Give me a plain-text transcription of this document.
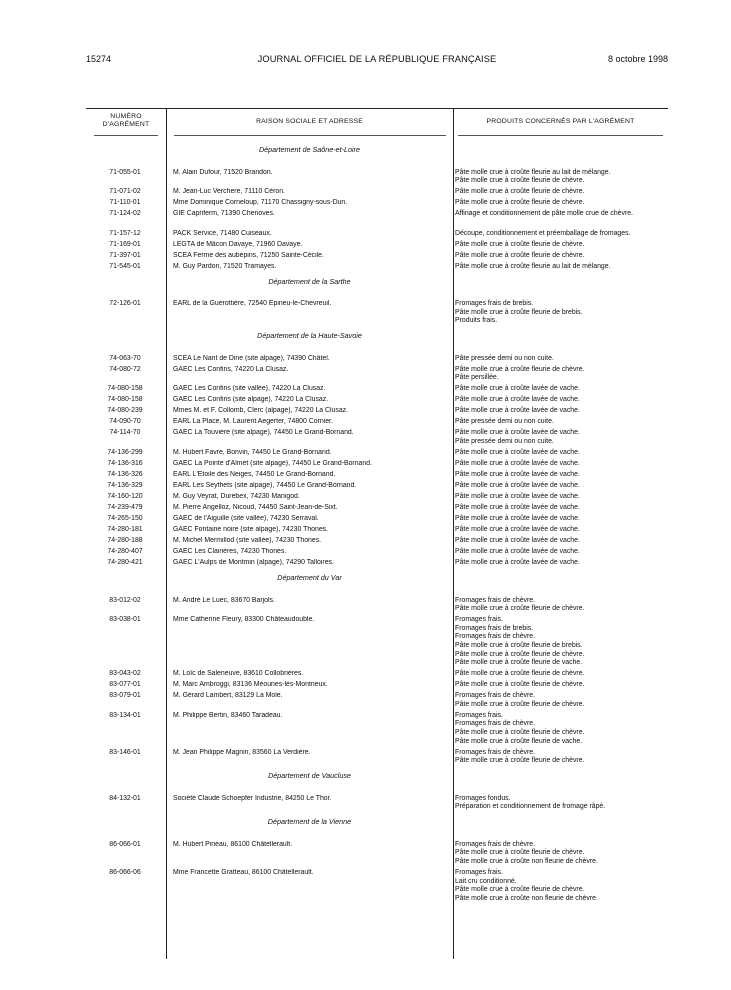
15274	JOURNAL OFFICIEL DE LA RÉPUBLIQUE FRANÇAISE	8 octobre 1998
NUMÉRO D'AGRÉMENT	RAISON SOCIALE ET ADRESSE	PRODUITS CONCERNÉS PAR L'AGRÉMENT
Département de Saône-et-Loire
71-055-01	M. Alain Dufour, 71520 Brandon.	Pâte molle crue à croûte fleurie au lait de mélange.
Pâte molle crue à croûte fleurie de chèvre.
71-071-02	M. Jean-Luc Verchere, 71110 Céron.	Pâte molle crue à croûte fleurie de chèvre.
71-110-01	Mme Dominique Corneloup, 71170 Chassigny-sous-Dun.	Pâte molle crue à croûte fleurie de chèvre.
71-124-02	GIE Capriferm, 71390 Chenoves.	Affinage et conditionnement de pâte molle crue de chèvre.
71-157-12	PACK Service, 71480 Cuiseaux.	Découpe, conditionnement et préemballage de fromages.
71-169-01	LEGTA de Mâcon Davaye, 71960 Davaye.	Pâte molle crue à croûte fleurie de chèvre.
71-397-01	SCEA Ferme des aubépins, 71250 Sainte-Cécile.	Pâte molle crue à croûte fleurie de chèvre.
71-545-01	M. Guy Pardon, 71520 Tramayes.	Pâte molle crue à croûte fleurie au lait de mélange.
Département de la Sarthe
72-126-01	EARL de la Guerottière, 72540 Epineu-le-Chevreuil.	Fromages frais de brebis.
Pâte molle crue à croûte fleurie de brebis.
Produits frais.
Département de la Haute-Savoie
74-063-70	SCEA Le Nant de Dine (site alpage), 74390 Châtel.	Pâte pressée demi ou non cuite.
74-080-72	GAEC Les Confins, 74220 La Clusaz.	Pâte molle crue à croûte fleurie de chèvre.
Pâte persillée.
74-080-158	GAEC Les Confins (site vallée), 74220 La Clusaz.	Pâte molle crue à croûte lavée de vache.
74-080-158	GAEC Les Confins (site alpage), 74220 La Clusaz.	Pâte molle crue à croûte lavée de vache.
74-080-239	Mmes M. et F. Collomb, Clerc (alpage), 74220 La Clusaz.	Pâte molle crue à croûte lavée de vache.
74-090-70	EARL La Place, M. Laurent Aegerter, 74800 Cornier.	Pâte pressée demi ou non cuite.
74-114-70	GAEC La Touvière (site alpage), 74450 Le Grand-Bornand.	Pâte molle crue à croûte lavée de vache.
Pâte pressée demi ou non cuite.
74-136-299	M. Hubert Favre, Bonvin, 74450 Le Grand-Bornand.	Pâte molle crue à croûte lavée de vache.
74-136-316	GAEC La Pointe d'Almet (site alpage), 74450 Le Grand-Bornand.	Pâte molle crue à croûte lavée de vache.
74-136-326	EARL L'Etoile des Neiges, 74450 Le Grand-Bornand.	Pâte molle crue à croûte lavée de vache.
74-136-329	EARL Les Seythets (site alpage), 74450 Le Grand-Bornand.	Pâte molle crue à croûte lavée de vache.
74-160-120	M. Guy Veyrat, Durebex, 74230 Manigod.	Pâte molle crue à croûte lavée de vache.
74-239-479	M. Pierre Angelloz, Nicoud, 74450 Saint-Jean-de-Sixt.	Pâte molle crue à croûte lavée de vache.
74-265-150	GAEC de l'Aiguille (site vallée), 74230 Serraval.	Pâte molle crue à croûte lavée de vache.
74-280-181	GAEC Fontaine noire (site alpage), 74230 Thones.	Pâte molle crue à croûte lavée de vache.
74-280-188	M. Michel Mermillod (site vallée), 74230 Thones.	Pâte molle crue à croûte lavée de vache.
74-280-407	GAEC Les Clairières, 74230 Thones.	Pâte molle crue à croûte lavée de vache.
74-280-421	GAEC L'Aulps de Montmin (alpage), 74290 Talloires.	Pâte molle crue à croûte lavée de vache.
Département du Var
83-012-02	M. André Le Luec, 83670 Barjols.	Fromages frais de chèvre.
Pâte molle crue à croûte fleurie de chèvre.
83-038-01	Mme Catherine Fleury, 83300 Châteaudouble.	Fromages frais.
Fromages frais de brebis.
Fromages frais de chèvre.
Pâte molle crue à croûte fleurie de brebis.
Pâte molle crue à croûte fleurie de chèvre.
Pâte molle crue à croûte fleurie de vache.
83-043-02	M. Loïc de Saleneuve, 83610 Collobrières.	Pâte molle crue à croûte fleurie de chèvre.
83-077-01	M. Marc Ambroggi, 83136 Méounes-lès-Montrieux.	Pâte molle crue à croûte fleurie de chèvre.
83-079-01	M. Gérard Lambert, 83129 La Mole.	Fromages frais de chèvre.
Pâte molle crue à croûte fleurie de chèvre.
83-134-01	M. Philippe Bertin, 83460 Taradeau.	Fromages frais.
Fromages frais de chèvre.
Pâte molle crue à croûte fleurie de chèvre.
Pâte molle crue à croûte fleurie de vache.
83-146-01	M. Jean Philippe Magnin, 83560 La Verdière.	Fromages frais de chèvre.
Pâte molle crue à croûte fleurie de chèvre.
Département de Vaucluse
84-132-01	Société Claude Schoepfer Industrie, 84250 Le Thor.	Fromages fondus.
Préparation et conditionnement de fromage râpé.
Département de la Vienne
86-066-01	M. Hubert Pineau, 86100 Châtellerault.	Fromages frais de chèvre.
Pâte molle crue à croûte fleurie de chèvre.
Pâte molle crue à croûte non fleurie de chèvre.
86-066-06	Mme Francette Gratteau, 86100 Châtellerault.	Fromages frais.
Lait cru conditionné.
Pâte molle crue à croûte fleurie de chèvre.
Pâte molle crue à croûte non fleurie de chèvre.
